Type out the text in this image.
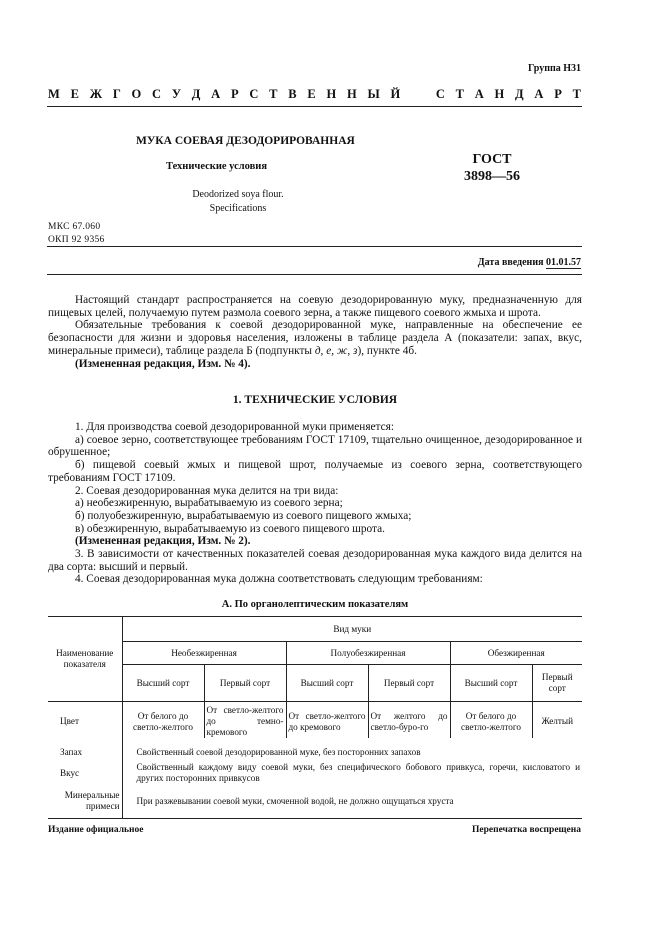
Группа Н31
М Е Ж Г О С У Д А Р С Т В Е Н Н Ы Й	С Т А Н Д А Р Т
МУКА СОЕВАЯ ДЕЗОДОРИРОВАННАЯ
Технические условия
Deodorized soya flour.
Specifications
ГОСТ
3898—56
МКС 67.060
ОКП 92 9356
Дата введения 01.01.57

Настоящий стандарт распространяется на соевую дезодорированную муку, предназначенную для пищевых целей, получаемую путем размола соевого зерна, а также пищевого соевого жмыха и шрота.

Обязательные требования к соевой дезодорированной муке, направленные на обеспечение ее безопасности для жизни и здоровья населения, изложены в таблице раздела А (показатели: запах, вкус, минеральные примеси), таблице раздела Б (подпункты д, е, ж, з), пункте 4б.

(Измененная редакция, Изм. № 4).

1. ТЕХНИЧЕСКИЕ УСЛОВИЯ

1. Для производства соевой дезодорированной муки применяется:

а) соевое зерно, соответствующее требованиям ГОСТ 17109, тщательно очищенное, дезодорированное и обрушенное;

б) пищевой соевый жмых и пищевой шрот, получаемые из соевого зерна, соответствующего требованиям ГОСТ 17109.

2. Соевая дезодорированная мука делится на три вида:

а) необезжиренную, вырабатываемую из соевого зерна;

б) полуобезжиренную, вырабатываемую из соевого пищевого жмыха;

в) обезжиренную, вырабатываемую из соевого пищевого шрота.

(Измененная редакция, Изм. № 2).

3. В зависимости от качественных показателей соевая дезодорированная мука каждого вида делится на два сорта: высший и первый.

4. Соевая дезодорированная мука должна соответствовать следующим требованиям:

А. По органолептическим показателям
Наименование показателя	Вид муки					
	Необезжиренная		Полуобезжиренная		Обезжиренная	
	Высший сорт	Первый сорт	Высший сорт	Первый сорт	Высший сорт	Первый сорт
Цвет	От белого до светло-желтого	От светло-желтого до темно-кремового	От светло-желтого до кремового	От желтого до светло-буро-го	От белого до светло-желтого	Желтый
Запах	Свойственный соевой дезодорированной муке, без посторонних запахов					
Вкус	Свойственный каждому виду соевой муки, без специфического бобового привкуса, горечи, кисловатого и других посторонних привкусов					
Минеральные примеси	При разжевывании соевой муки, смоченной водой, не должно ощущаться хруста					
Издание официальное	Перепечатка воспрещена
